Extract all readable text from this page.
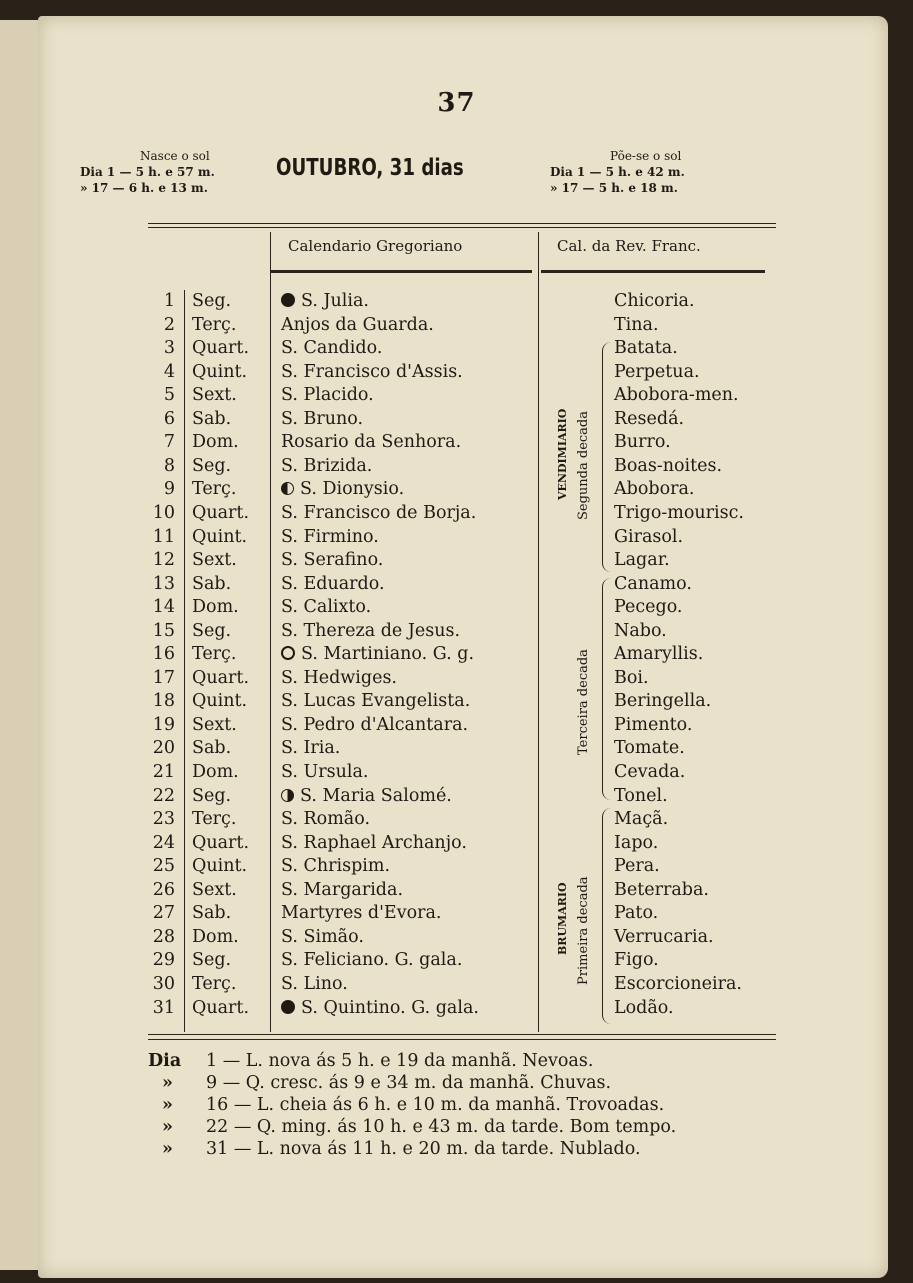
37
Nasce o sol
Dia 1 — 5 h. e 57 m.
» 17 — 6 h. e 13 m.
OUTUBRO, 31 dias	Põe-se o sol
Dia 1 — 5 h. e 42 m.
» 17 — 5 h. e 18 m.
Calendario Gregoriano	Cal. da Rev. Franc.
1 Seg.	S. Julia.	Chicoria.
2 Terç.	Anjos da Guarda.	Tina.
3 Quart. S. Candido.	Batata.
4 Quint. S. Francisco d'Assis.	Perpetua.
5 Sext.	S. Placido.	Abobora-men.
6 Sab.	S. Bruno.	Resedá.
7 Dom. Rosario da Senhora.	Burro.
8 Seg.	S. Brizida.	Boas-noites.
9 Terç.	S. Dionysio.	Abobora.
10 Quart. S. Francisco de Borja.	Trigo-mourisc.
11 Quint. S. Firmino.	Girasol.
12 Sext.	S. Serafino.	Lagar.
13 Sab.	S. Eduardo.	Canamo.
14 Dom. S. Calixto.	Pecego.
15 Seg.	S. Thereza de Jesus.	Nabo.
16 Terç.	S. Martiniano. G. g.	Amaryllis.
17 Quart. S. Hedwiges.	Boi.
18 Quint. S. Lucas Evangelista.	Beringella.
19 Sext.	S. Pedro d'Alcantara.	Pimento.
20 Sab.	S. Iria.	Tomate.
21 Dom. S. Ursula.	Cevada.
22 Seg.	S. Maria Salomé.	Tonel.
23 Terç.	S. Romão.	Maçã.
24 Quart. S. Raphael Archanjo.	Iapo.
25 Quint. S. Chrispim.	Pera.
26 Sext.	S. Margarida.	Beterraba.
27 Sab.	Martyres d'Evora.	Pato.
28 Dom. S. Simão.	Verrucaria.
29 Seg.	S. Feliciano. G. gala.	Figo.
30 Terç.	S. Lino.	Escorcioneira.
31 Quart.	S. Quintino. G. gala.	Lodão.
VENDIMIARIO Segunda decada
Terceira decada
BRUMARIO Primeira decada
Dia 1 — L. nova ás 5 h. e 19 da manhã. Nevoas.
» 9 — Q. cresc. ás 9 e 34 m. da manhã. Chuvas.
» 16 — L. cheia ás 6 h. e 10 m. da manhã. Trovoadas.
» 22 — Q. ming. ás 10 h. e 43 m. da tarde. Bom tempo.
» 31 — L. nova ás 11 h. e 20 m. da tarde. Nublado.
